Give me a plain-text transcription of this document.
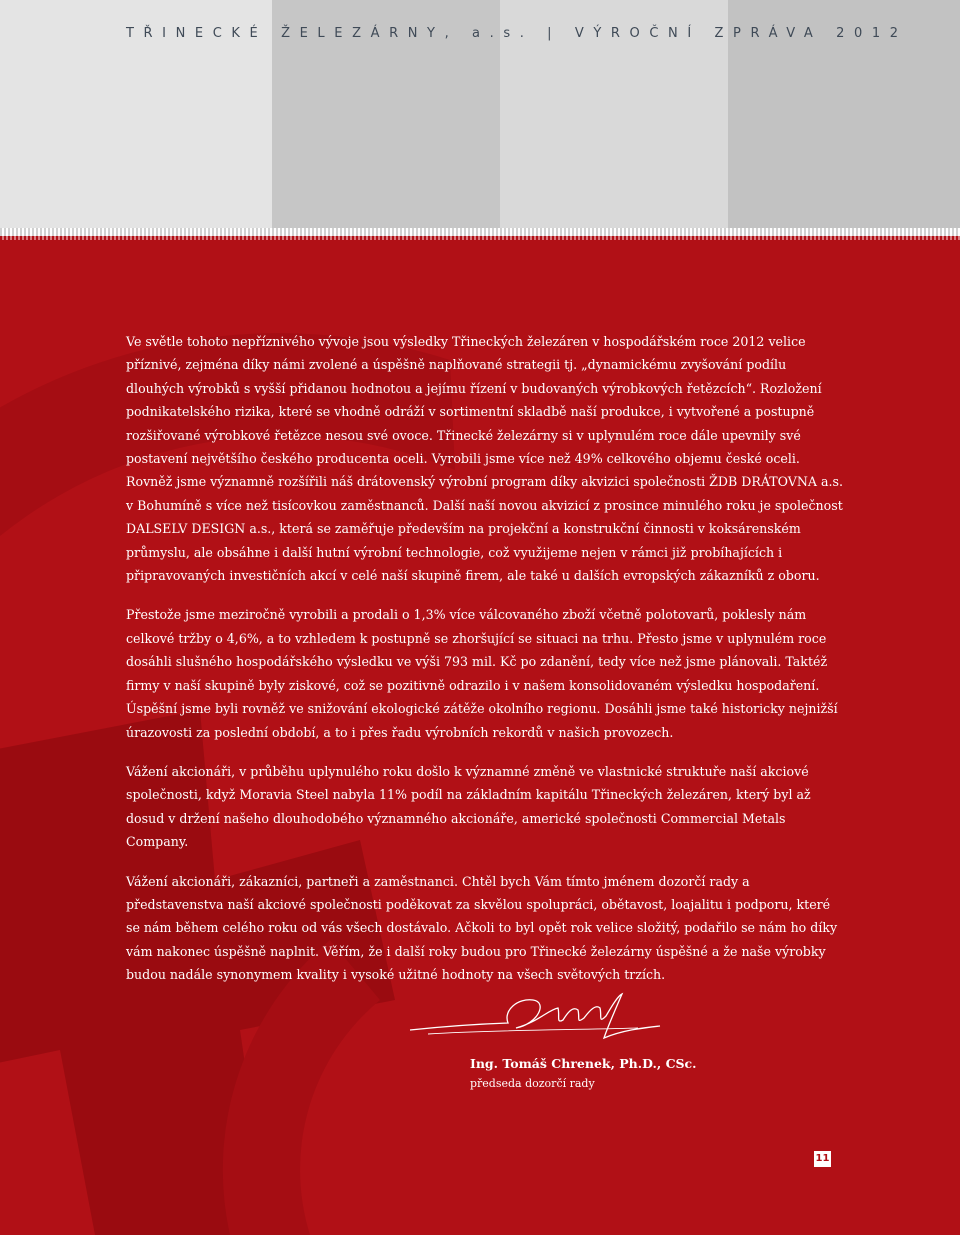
TŘINECKÉ ŽELEZÁRNY, a.s. | VÝROČNÍ ZPRÁVA 2012

Ve světle tohoto nepříznivého vývoje jsou výsledky Třineckých železáren v hospodářském roce 2012 velice příznivé, zejména díky námi zvolené a úspěšně naplňované strategii tj. „dynamickému zvyšování podílu dlouhých výrobků s vyšší přidanou hodnotou a jejímu řízení v budovaných výrobkových řetězcích“. Rozložení podnikatelského rizika, které se vhodně odráží v sortimentní skladbě naší produkce, i vytvořené a postupně rozšiřované výrobkové řetězce nesou své ovoce. Třinecké železárny si v uplynulém roce dále upevnily své postavení největšího českého producenta oceli. Vyrobili jsme více než 49% celkového objemu české oceli. Rovněž jsme významně rozšířili náš drátovenský výrobní program díky akvizici společnosti ŽDB DRÁTOVNA a.s. v Bohumíně s více než tisícovkou zaměstnanců. Další naší novou akvizicí z prosince minulého roku je společnost DALSELV DESIGN a.s., která se zaměřuje především na projekční a konstrukční činnosti v koksárenském průmyslu, ale obsáhne i další hutní výrobní technologie, což využijeme nejen v rámci již probíhajících i připravovaných investičních akcí v celé naší skupině firem, ale také u dalších evropských zákazníků z oboru.

Přestože jsme meziročně vyrobili a prodali o 1,3% více válcovaného zboží včetně polotovarů, poklesly nám celkové tržby o 4,6%, a to vzhledem k postupně se zhoršující se situaci na trhu. Přesto jsme v uplynulém roce dosáhli slušného hospodářského výsledku ve výši 793 mil. Kč po zdanění, tedy více než jsme plánovali. Taktéž firmy v naší skupině byly ziskové, což se pozitivně odrazilo i v našem konsolidovaném výsledku hospodaření. Úspěšní jsme byli rovněž ve snižování ekologické zátěže okolního regionu. Dosáhli jsme také historicky nejnižší úrazovosti za poslední období, a to i přes řadu výrobních rekordů v našich provozech.

Vážení akcionáři, v průběhu uplynulého roku došlo k významné změně ve vlastnické struktuře naší akciové společnosti, když Moravia Steel nabyla 11% podíl na základním kapitálu Třineckých železáren, který byl až dosud v držení našeho dlouhodobého významného akcionáře, americké společnosti Commercial Metals Company.

Vážení akcionáři, zákazníci, partneři a zaměstnanci. Chtěl bych Vám tímto jménem dozorčí rady a představenstva naší akciové společnosti poděkovat za skvělou spolupráci, obětavost, loajalitu i podporu, které se nám během celého roku od vás všech dostávalo. Ačkoli to byl opět rok velice složitý, podařilo se nám ho díky vám nakonec úspěšně naplnit. Věřím, že i další roky budou pro Třinecké železárny úspěšné a že naše výrobky budou nadále synonymem kvality i vysoké užitné hodnoty na všech světových trzích.

Ing. Tomáš Chrenek, Ph.D., CSc.
předseda dozorčí rady
11
